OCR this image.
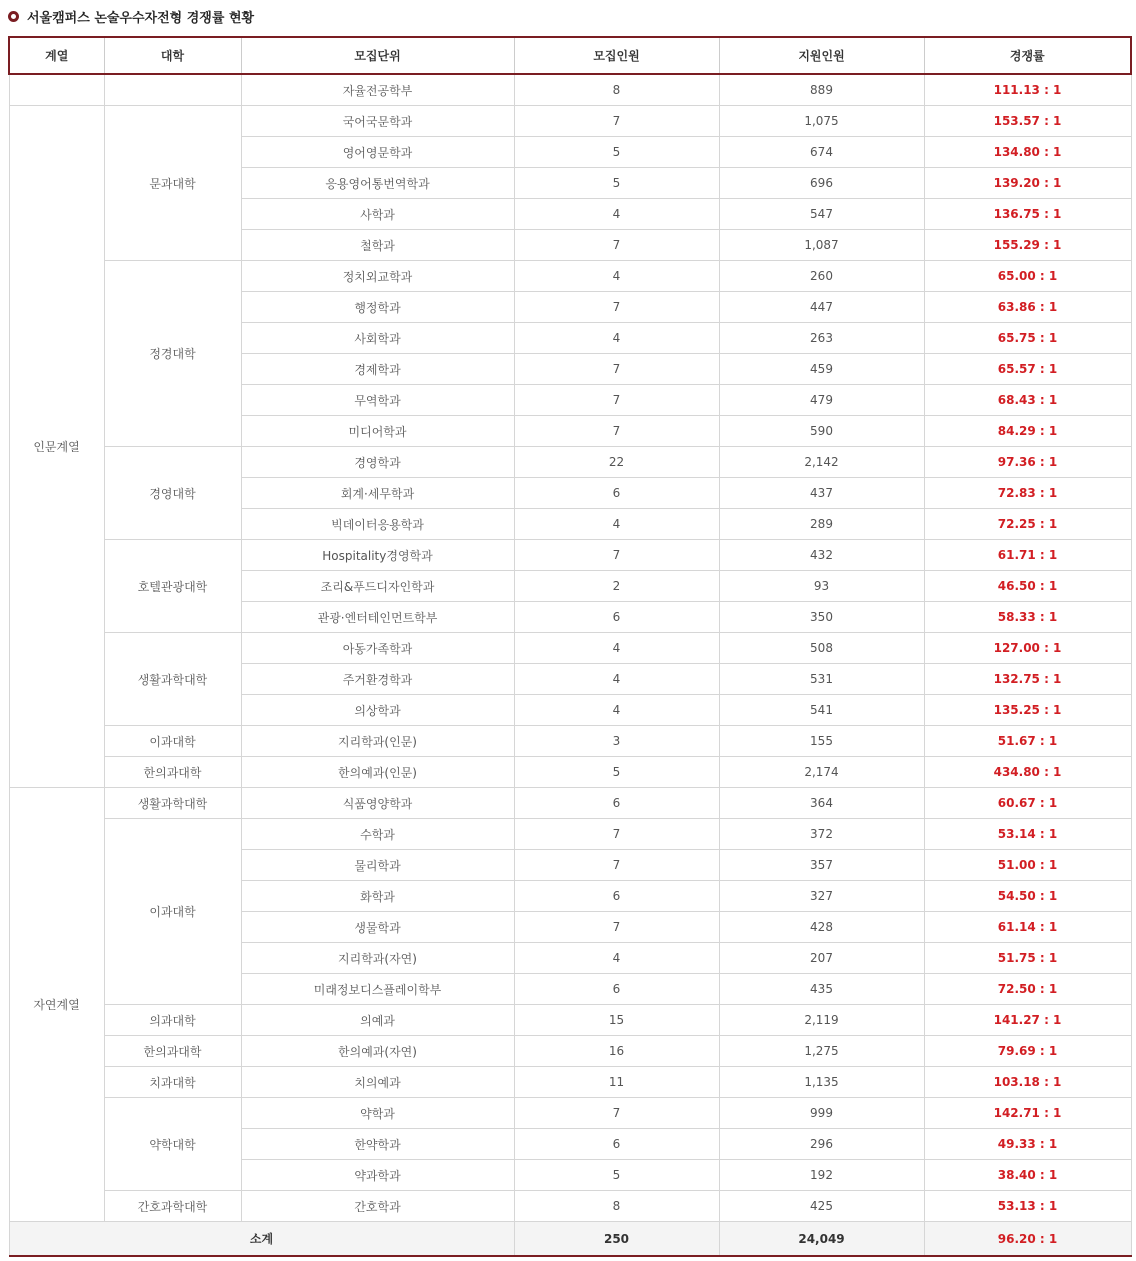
서울캠퍼스 논술우수자전형 경쟁률 현황
계열	대학	모집단위	모집인원	지원인원	경쟁률
		자율전공학부	8	889	111.13 : 1
인문계열	문과대학	국어국문학과	7	1,075	153.57 : 1
		영어영문학과	5	674	134.80 : 1
		응용영어통번역학과	5	696	139.20 : 1
		사학과	4	547	136.75 : 1
		철학과	7	1,087	155.29 : 1
	정경대학	정치외교학과	4	260	65.00 : 1
		행정학과	7	447	63.86 : 1
		사회학과	4	263	65.75 : 1
		경제학과	7	459	65.57 : 1
		무역학과	7	479	68.43 : 1
		미디어학과	7	590	84.29 : 1
	경영대학	경영학과	22	2,142	97.36 : 1
		회계·세무학과	6	437	72.83 : 1
		빅데이터응용학과	4	289	72.25 : 1
	호텔관광대학	Hospitality경영학과	7	432	61.71 : 1
		조리&푸드디자인학과	2	93	46.50 : 1
		관광·엔터테인먼트학부	6	350	58.33 : 1
	생활과학대학	아동가족학과	4	508	127.00 : 1
		주거환경학과	4	531	132.75 : 1
		의상학과	4	541	135.25 : 1
	이과대학	지리학과(인문)	3	155	51.67 : 1
	한의과대학	한의예과(인문)	5	2,174	434.80 : 1
자연계열	생활과학대학	식품영양학과	6	364	60.67 : 1
	이과대학	수학과	7	372	53.14 : 1
		물리학과	7	357	51.00 : 1
		화학과	6	327	54.50 : 1
		생물학과	7	428	61.14 : 1
		지리학과(자연)	4	207	51.75 : 1
		미래정보디스플레이학부	6	435	72.50 : 1
	의과대학	의예과	15	2,119	141.27 : 1
	한의과대학	한의예과(자연)	16	1,275	79.69 : 1
	치과대학	치의예과	11	1,135	103.18 : 1
	약학대학	약학과	7	999	142.71 : 1
		한약학과	6	296	49.33 : 1
		약과학과	5	192	38.40 : 1
	간호과학대학	간호학과	8	425	53.13 : 1
소계			250	24,049	96.20 : 1
